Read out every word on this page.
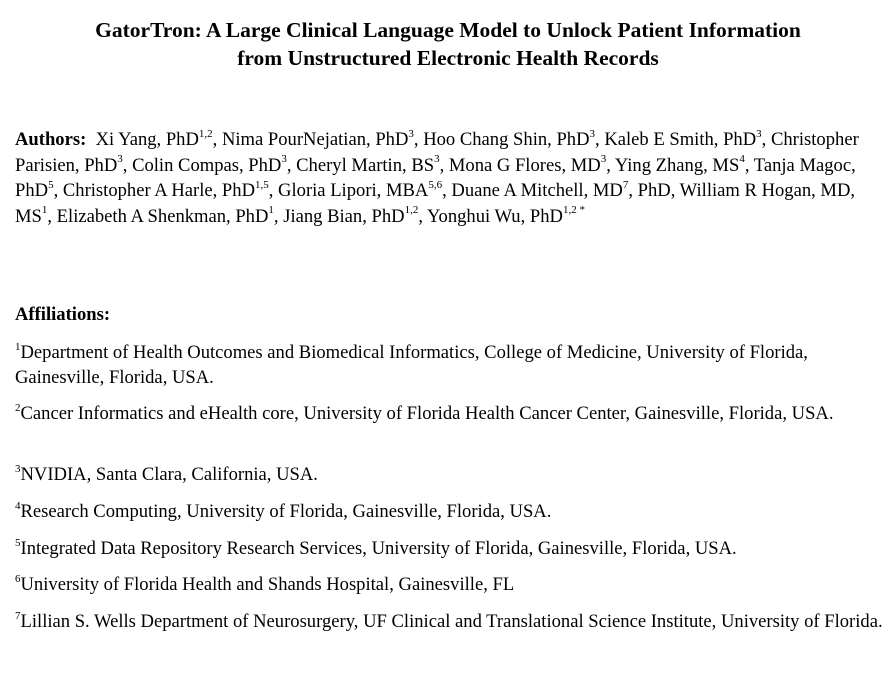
GatorTron: A Large Clinical Language Model to Unlock Patient Information
from Unstructured Electronic Health Records

Authors: Xi Yang, PhD$^{1,2}$, Nima PourNejatian, PhD$^3$, Hoo Chang Shin, PhD$^3$, Kaleb E Smith, PhD$^3$, Christopher Parisien, PhD$^3$, Colin Compas, PhD$^3$, Cheryl Martin, $BS^3$, Mona G Flores, $MD^3$, Ying Zhang, $MS^4$, Tanja Magoc, PhD$^5$, Christopher A Harle, PhD$^{1,5}$, Gloria Lipori, MBA$^{5,6}$, Duane A Mitchell, $MD^7$, PhD, William R Hogan, MD, $MS^1$, Elizabeth A Shenkman, PhD$^1$, Jiang Bian, PhD$^{1,2}$, Yonghui Wu, PhD$^{1,2 *}$

Affiliations:

$^1$Department of Health Outcomes and Biomedical Informatics, College of Medicine, University of Florida, Gainesville, Florida, USA.

$^2$Cancer Informatics and eHealth core, University of Florida Health Cancer Center, Gainesville, Florida, USA.

$^3$NVIDIA, Santa Clara, California, USA.

$^4$Research Computing, University of Florida, Gainesville, Florida, USA.

$^5$Integrated Data Repository Research Services, University of Florida, Gainesville, Florida, USA.

$^6$University of Florida Health and Shands Hospital, Gainesville, FL

$^7$Lillian S. Wells Department of Neurosurgery, UF Clinical and Translational Science Institute, University of Florida.
